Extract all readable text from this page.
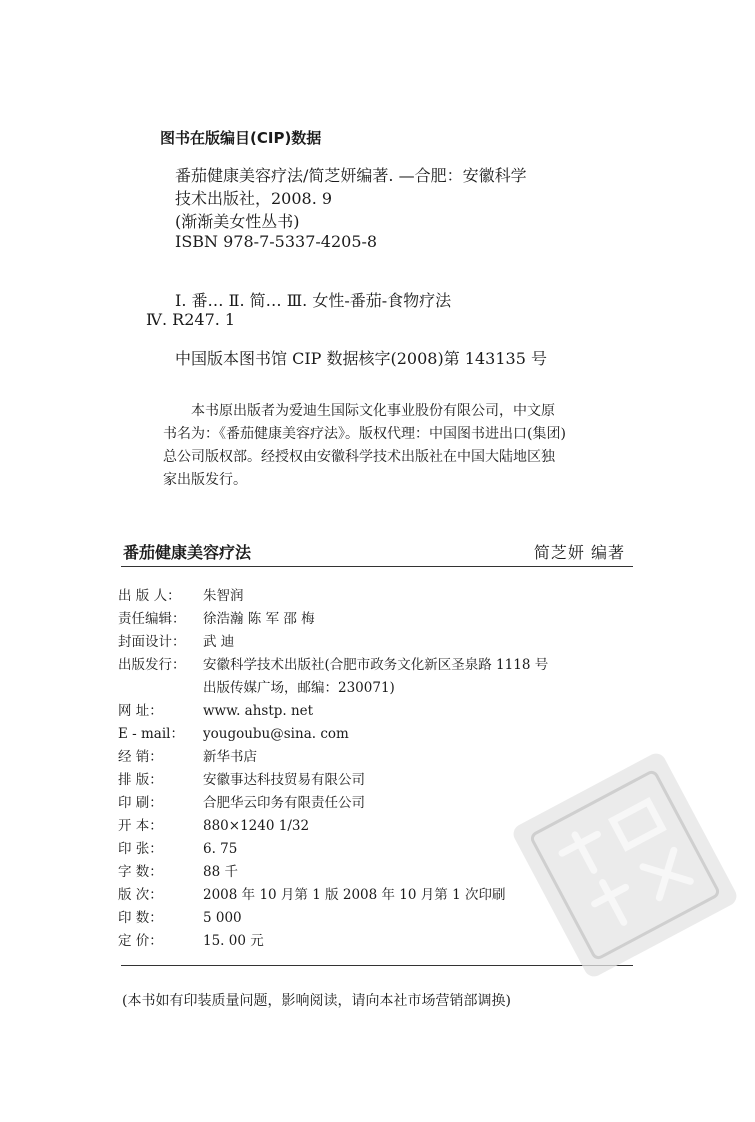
图书在版编目(CIP)数据
番茄健康美容疗法/简芝妍编著. —合肥：安徽科学
技术出版社，2008. 9
(渐渐美女性丛书)
ISBN 978-7-5337-4205-8
Ⅰ. 番… Ⅱ. 简… Ⅲ. 女性-番茄-食物疗法
Ⅳ. R247. 1
中国版本图书馆 CIP 数据核字(2008)第 143135 号

本书原出版者为爱迪生国际文化事业股份有限公司，中文原

书名为：《番茄健康美容疗法》。版权代理：中国图书进出口(集团)

总公司版权部。经授权由安徽科学技术出版社在中国大陆地区独

家出版发行。

番茄健康美容疗法	简芝妍 编著
出 版 人：	朱智润
责任编辑：	徐浩瀚 陈 军 邵 梅
封面设计：	武 迪
出版发行：	安徽科学技术出版社(合肥市政务文化新区圣泉路 1118 号
出版传媒广场，邮编：230071)
网 址：	www. ahstp. net
E - mail：	yougoubu@sina. com
经 销：	新华书店
排 版：	安徽事达科技贸易有限公司
印 刷：	合肥华云印务有限责任公司
开 本：	880×1240 1/32
印 张：	6. 75
字 数：	88 千
版 次：	2008 年 10 月第 1 版 2008 年 10 月第 1 次印刷
印 数：	5 000
定 价：	15. 00 元
(本书如有印装质量问题，影响阅读，请向本社市场营销部调换)
